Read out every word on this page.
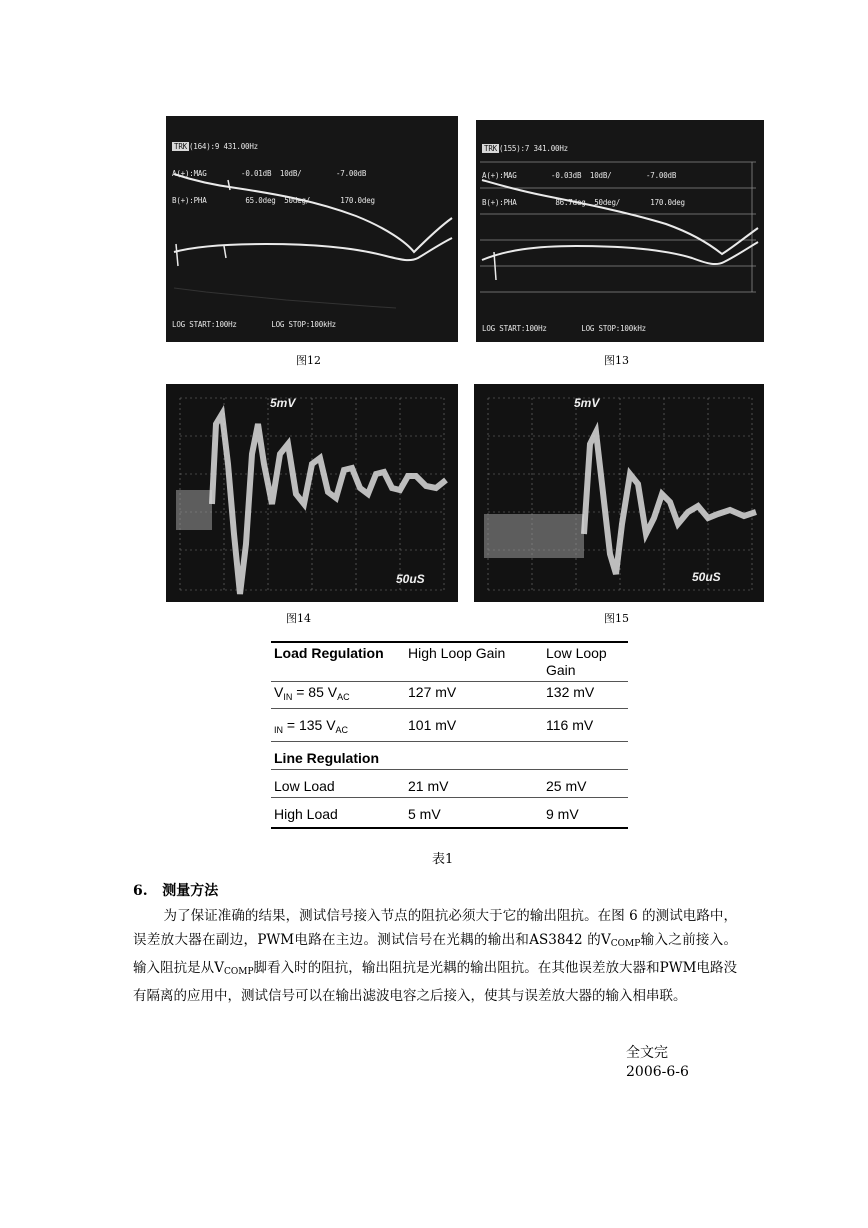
TRK (164):9 431.00Hz

A(+):MAG        -0.01dB  10dB/        -7.00dB

B(+):PHA         65.0deg  50deg/       170.0deg

LOG START:100Hz        LOG STOP:100kHz

图12

TRK (155):7 341.00Hz

A(+):MAG        -0.03dB  10dB/        -7.00dB

B(+):PHA         86.7deg  50deg/       170.0deg

LOG START:100Hz        LOG STOP:100kHz

图13
5mV
50uS
图14
5mV
50uS
图15
Load Regulation	High Loop Gain	Low Loop Gain
$V_{IN} = 85$ $V_{AC}$	127 mV	132 mV
$_{IN}$ = 135 $V_{AC}$	101 mV	116 mV
Line Regulation		
Low Load	21 mV	25 mV
High Load	5 mV	9 mV
表1
6. 测量方法
为了保证准确的结果，测试信号接入节点的阻抗必须大于它的输出阻抗。在图 6 的测试电路中，误差放大器在副边，PWM电路在主边。测试信号在光耦的输出和AS3842 的VCOMP输入之前接入。输入阻抗是从VCOMP脚看入时的阻抗，输出阻抗是光耦的输出阻抗。在其他误差放大器和PWM电路没有隔离的应用中，测试信号可以在输出滤波电容之后接入，使其与误差放大器的输入相串联。
全文完
2006-6-6
